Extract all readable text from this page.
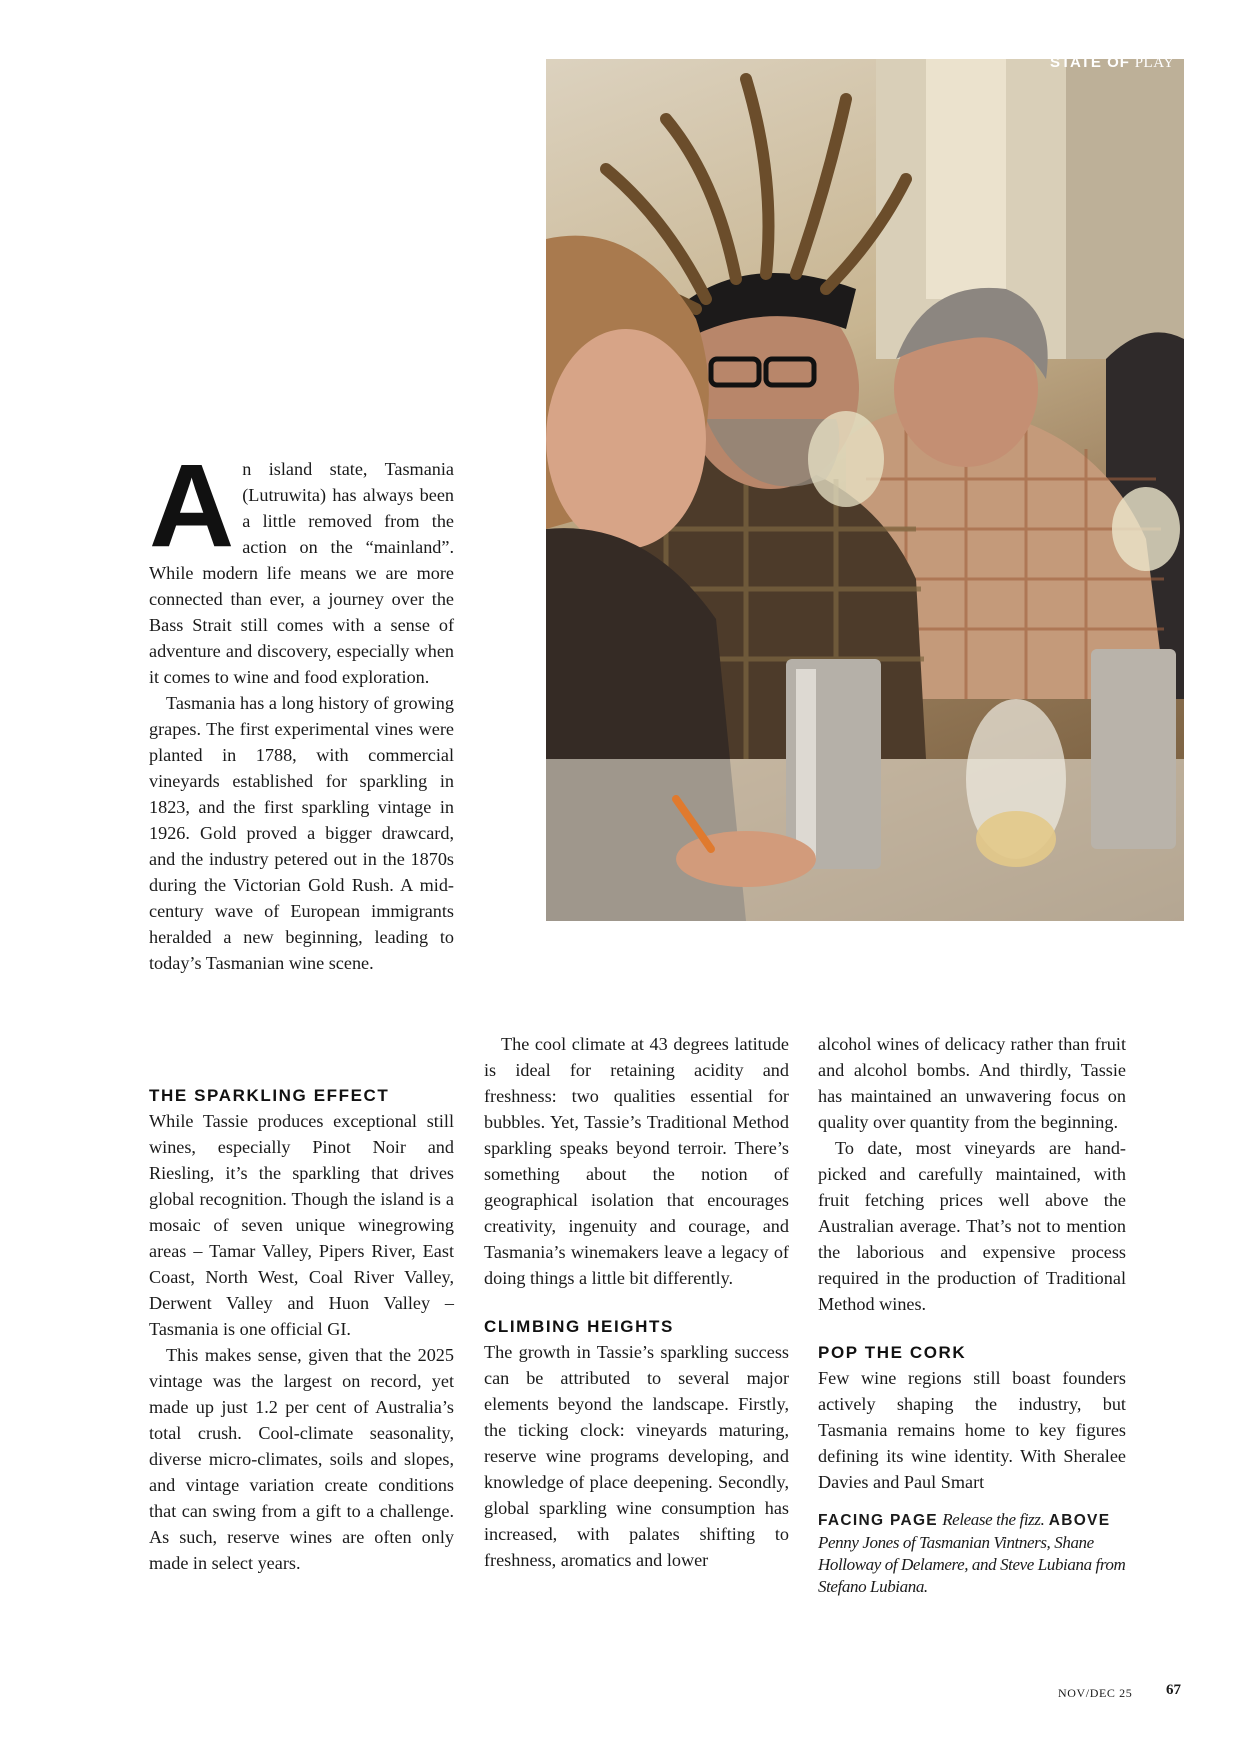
STATE OF PLAY

An island state, Tasmania (Lutruwita) has always been a little removed from the action on the “mainland”. While modern life means we are more connected than ever, a journey over the Bass Strait still comes with a sense of adventure and discovery, especially when it comes to wine and food exploration.

Tasmania has a long history of growing grapes. The first experimental vines were planted in 1788, with commercial vineyards established for sparkling in 1823, and the first sparkling vintage in 1926. Gold proved a bigger drawcard, and the industry petered out in the 1870s during the Victorian Gold Rush. A mid-century wave of European immigrants heralded a new beginning, leading to today’s Tasmanian wine scene.

THE SPARKLING EFFECT

While Tassie produces exceptional still wines, especially Pinot Noir and Riesling, it’s the sparkling that drives global recognition. Though the island is a mosaic of seven unique winegrowing areas – Tamar Valley, Pipers River, East Coast, North West, Coal River Valley, Derwent Valley and Huon Valley – Tasmania is one official GI.

This makes sense, given that the 2025 vintage was the largest on record, yet made up just 1.2 per cent of Australia’s total crush. Cool-climate seasonality, diverse micro-climates, soils and slopes, and vintage variation create conditions that can swing from a gift to a challenge. As such, reserve wines are often only made in select years.

The cool climate at 43 degrees latitude is ideal for retaining acidity and freshness: two qualities essential for bubbles. Yet, Tassie’s Traditional Method sparkling speaks beyond terroir. There’s something about the notion of geographical isolation that encourages creativity, ingenuity and courage, and Tasmania’s winemakers leave a legacy of doing things a little bit differently.

CLIMBING HEIGHTS

The growth in Tassie’s sparkling success can be attributed to several major elements beyond the landscape. Firstly, the ticking clock: vineyards maturing, reserve wine programs developing, and knowledge of place deepening. Secondly, global sparkling wine consumption has increased, with palates shifting to freshness, aromatics and lower

alcohol wines of delicacy rather than fruit and alcohol bombs. And thirdly, Tassie has maintained an unwavering focus on quality over quantity from the beginning.

To date, most vineyards are hand-picked and carefully maintained, with fruit fetching prices well above the Australian average. That’s not to mention the laborious and expensive process required in the production of Traditional Method wines.

POP THE CORK

Few wine regions still boast founders actively shaping the industry, but Tasmania remains home to key figures defining its wine identity. With Sheralee Davies and Paul Smart

FACING PAGE Release the fizz. ABOVE Penny Jones of Tasmanian Vintners, Shane Holloway of Delamere, and Steve Lubiana from Stefano Lubiana.
NOV/DEC 25 67
